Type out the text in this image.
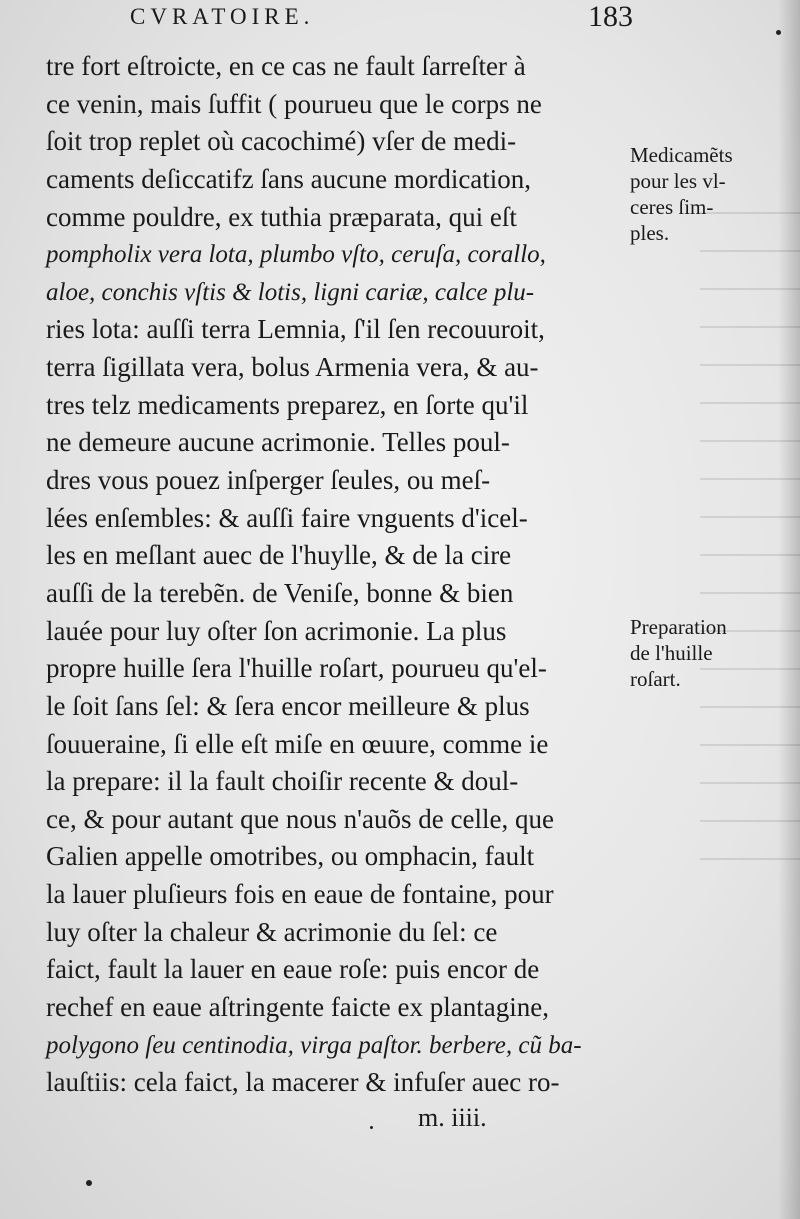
CVRATOIRE.	183
tre fort eſtroicte, en ce cas ne fault ſarreſter à
ce venin, mais ſuffit ( pourueu que le corps ne
ſoit trop replet où cacochimé) vſer de medi-
caments deſiccatifz ſans aucune mordication,
comme pouldre, ex tuthia præparata, qui eſt
pompholix vera lota, plumbo vſto, ceruſa, corallo,
aloe, conchis vſtis & lotis, ligni cariæ, calce plu-
ries lota: auſſi terra Lemnia, ſ'il ſen recouuroit,
terra ſigillata vera, bolus Armenia vera, & au-
tres telz medicaments preparez, en ſorte qu'il
ne demeure aucune acrimonie. Telles poul-
dres vous pouez inſperger ſeules, ou meſ-
lées enſembles: & auſſi faire vnguents d'icel-
les en meſlant auec de l'huylle, & de la cire
auſſi de la terebẽn. de Veniſe, bonne & bien
lauée pour luy oſter ſon acrimonie. La plus
propre huille ſera l'huille roſart, pourueu qu'el-
le ſoit ſans ſel: & ſera encor meilleure & plus
ſouueraine, ſi elle eſt miſe en œuure, comme ie
la prepare: il la fault choiſir recente & doul-
ce, & pour autant que nous n'auõs de celle, que
Galien appelle omotribes, ou omphacin, fault
la lauer pluſieurs fois en eaue de fontaine, pour
luy oſter la chaleur & acrimonie du ſel: ce
faict, fault la lauer en eaue roſe: puis encor de
rechef en eaue aſtringente faicte ex plantagine,
polygono ſeu centinodia, virga paſtor. berbere, cũ ba-
lauſtiis: cela faict, la macerer & infuſer auec ro-
Medicamẽts
pour les vl-
ceres ſim-
ples.
Preparation
de l'huille
roſart.
m. iiii.
